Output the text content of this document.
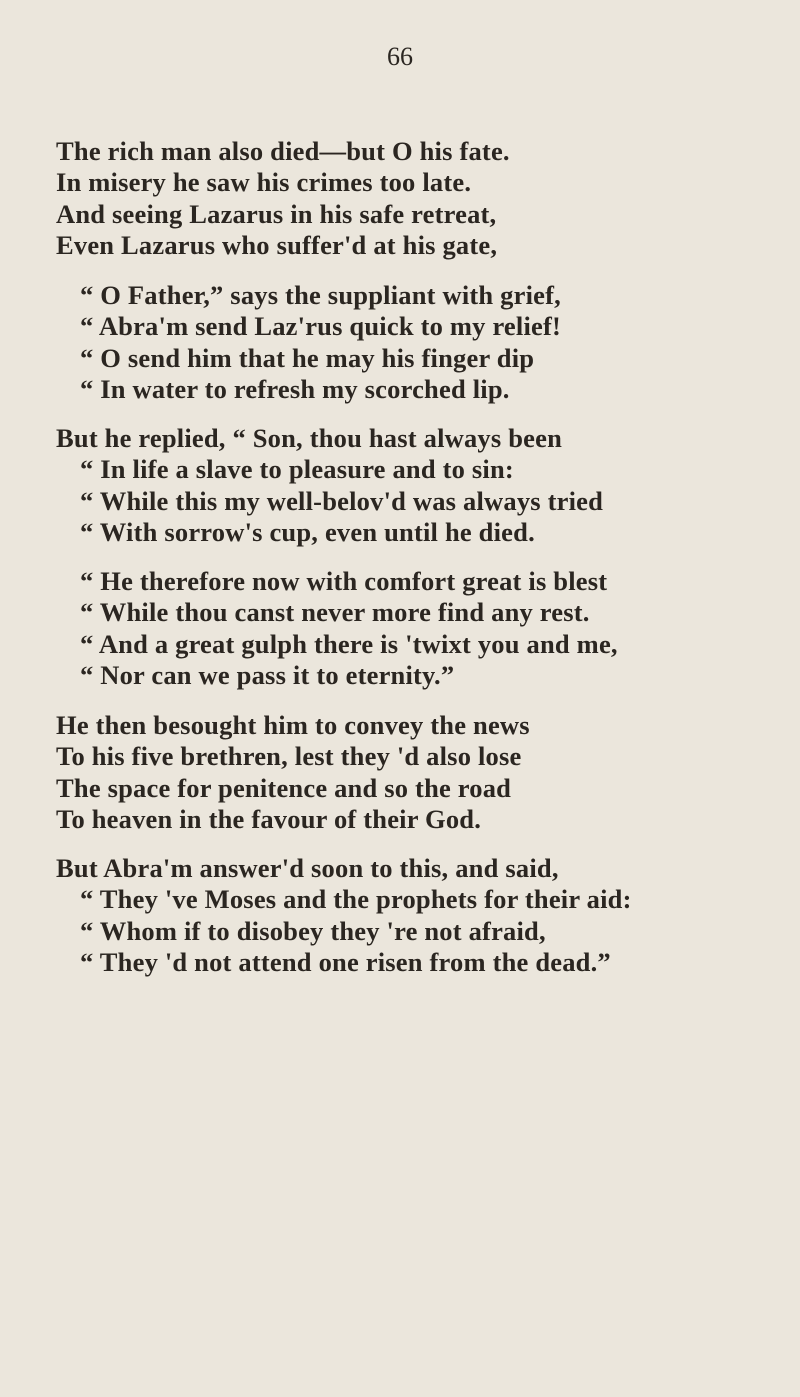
66
The rich man also died—but O his fate.
In misery he saw his crimes too late.
And seeing Lazarus in his safe retreat,
Even Lazarus who suffer'd at his gate,
“ O Father,” says the suppliant with grief,
“ Abra'm send Laz'rus quick to my relief!
“ O send him that he may his finger dip
“ In water to refresh my scorched lip.
But he replied, “ Son, thou hast always been
“ In life a slave to pleasure and to sin:
“ While this my well-belov'd was always tried
“ With sorrow's cup, even until he died.
“ He therefore now with comfort great is blest
“ While thou canst never more find any rest.
“ And a great gulph there is 'twixt you and me,
“ Nor can we pass it to eternity.”
He then besought him to convey the news
To his five brethren, lest they 'd also lose
The space for penitence and so the road
To heaven in the favour of their God.
But Abra'm answer'd soon to this, and said,
“ They 've Moses and the prophets for their aid:
“ Whom if to disobey they 're not afraid,
“ They 'd not attend one risen from the dead.”
